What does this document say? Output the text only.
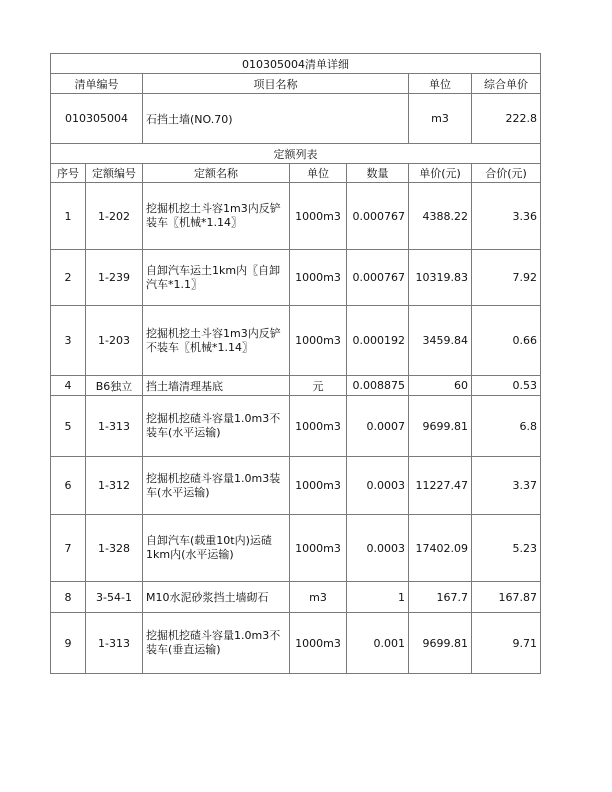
010305004清单详细						
清单编号		项目名称			单位	综合单价
010305004		石挡土墙(NO.70)			m3	222.8
定额列表						
序号	定额编号	定额名称	单位	数量	单价(元)	合价(元)
1	1-202	挖掘机挖土斗容1m3内反铲装车〖机械*1.14〗	1000m3	0.000767	4388.22	3.36
2	1-239	自卸汽车运土1km内〖自卸汽车*1.1〗	1000m3	0.000767	10319.83	7.92
3	1-203	挖掘机挖土斗容1m3内反铲不装车〖机械*1.14〗	1000m3	0.000192	3459.84	0.66
4	B6独立	挡土墙清理基底	元	0.008875	60	0.53
5	1-313	挖掘机挖碴斗容量1.0m3不装车(水平运输)	1000m3	0.0007	9699.81	6.8
6	1-312	挖掘机挖碴斗容量1.0m3装车(水平运输)	1000m3	0.0003	11227.47	3.37
7	1-328	自卸汽车(载重10t内)运碴1km内(水平运输)	1000m3	0.0003	17402.09	5.23
8	3-54-1	M10水泥砂浆挡土墙砌石	m3	1	167.7	167.87
9	1-313	挖掘机挖碴斗容量1.0m3不装车(垂直运输)	1000m3	0.001	9699.81	9.71
